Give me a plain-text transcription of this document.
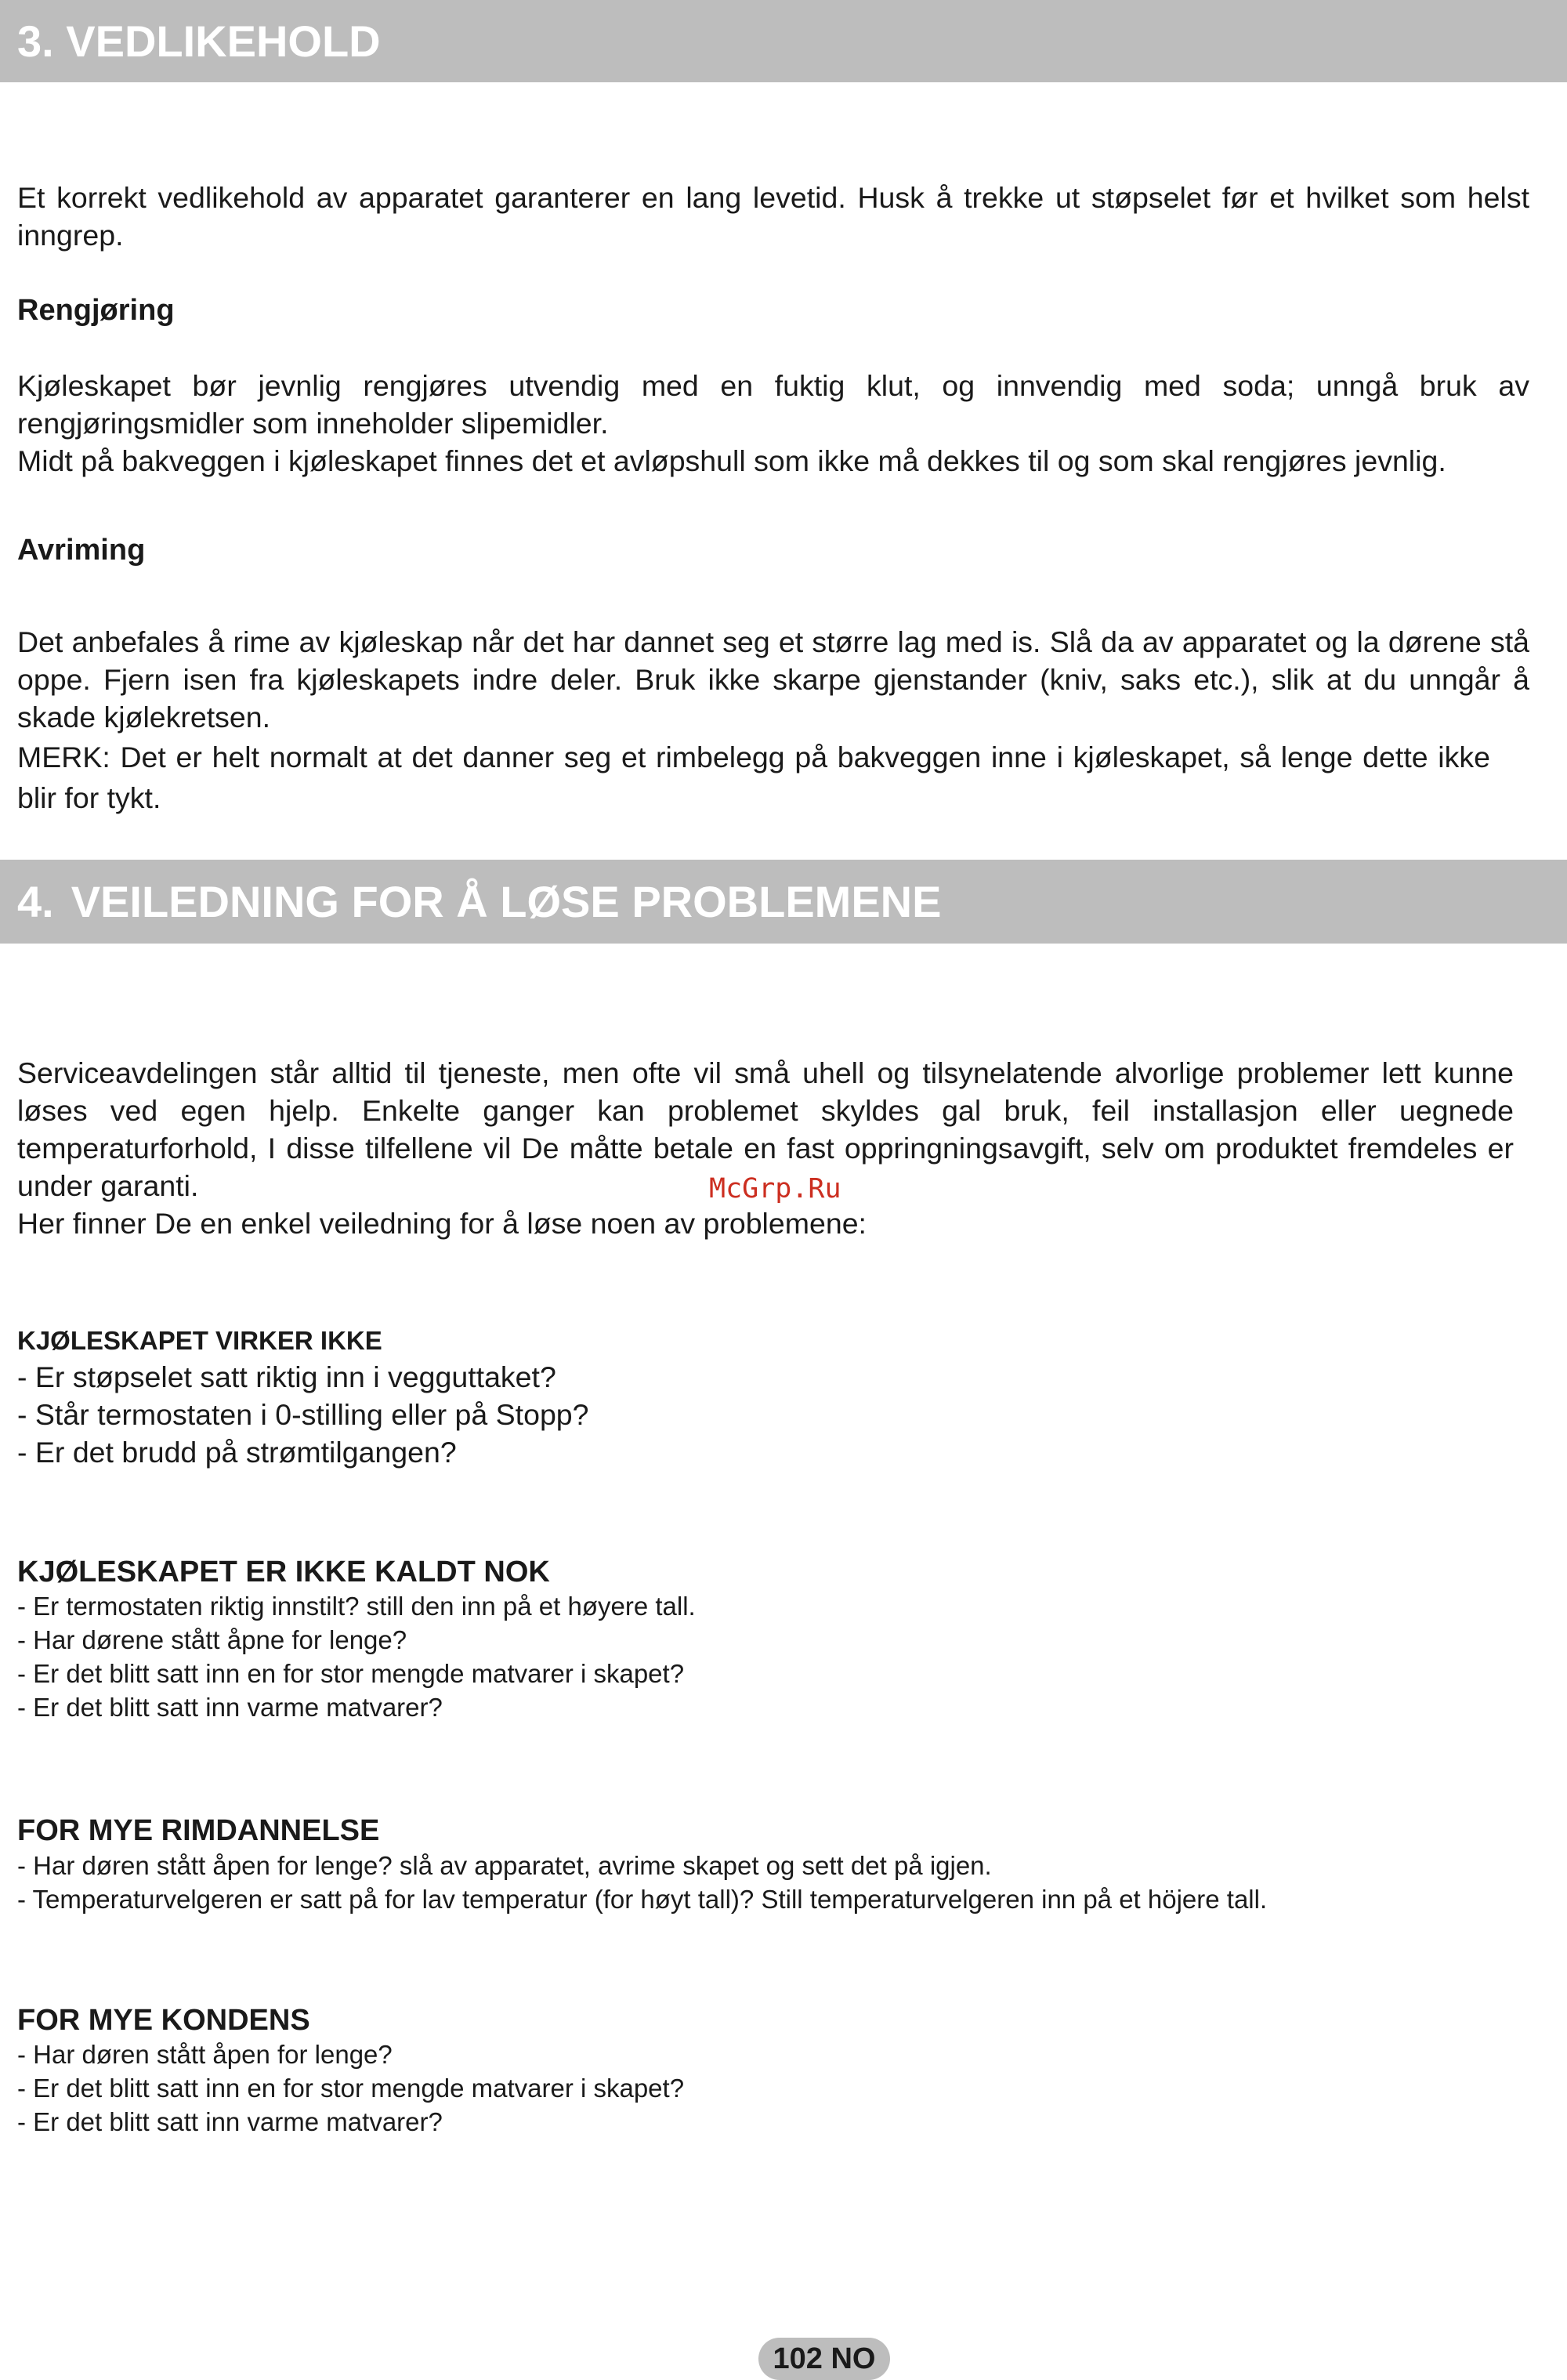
3. VEDLIKEHOLD

Et korrekt vedlikehold av apparatet garanterer en lang levetid. Husk å trekke ut støpselet før et hvilket som helst inngrep.

Rengjøring

Kjøleskapet bør jevnlig rengjøres utvendig med en fuktig klut, og innvendig med soda; unngå bruk av rengjøringsmidler som inneholder slipemidler.

Midt på bakveggen i kjøleskapet finnes det et avløpshull som ikke må dekkes til og som skal rengjøres jevnlig.

Avriming

Det anbefales å rime av kjøleskap når det har dannet seg et større lag med is. Slå da av apparatet og la dørene stå oppe. Fjern isen fra kjøleskapets indre deler. Bruk ikke skarpe gjenstander (kniv, saks etc.), slik at du unngår å skade kjølekretsen.

MERK: Det er helt normalt at det danner seg et rimbelegg på bakveggen inne i kjøleskapet, så lenge dette ikke blir for tykt.

4. VEILEDNING FOR Å LØSE PROBLEMENE

Serviceavdelingen står alltid til tjeneste, men ofte vil små uhell og tilsynelatende alvorlige problemer lett kunne løses ved egen hjelp. Enkelte ganger kan problemet skyldes gal bruk, feil installasjon eller uegnede temperaturforhold, I disse tilfellene vil De måtte betale en fast oppringningsavgift, selv om produktet fremdeles er under garanti.

Her finner De en enkel veiledning for å løse noen av problemene:

McGrp.Ru
KJØLESKAPET VIRKER IKKE
- Er støpselet satt riktig inn i vegguttaket?
- Står termostaten i 0-stilling eller på Stopp?
- Er det brudd på strømtilgangen?
KJØLESKAPET ER IKKE KALDT NOK
- Er termostaten riktig innstilt? still den inn på et høyere tall.
- Har dørene stått åpne for lenge?
- Er det blitt satt inn en for stor mengde matvarer i skapet?
- Er det blitt satt inn varme matvarer?
FOR MYE RIMDANNELSE
- Har døren stått åpen for lenge? slå av apparatet, avrime skapet og sett det på igjen.
- Temperaturvelgeren er satt på for lav temperatur (for høyt tall)? Still temperaturvelgeren inn på et höjere tall.
FOR MYE KONDENS
- Har døren stått åpen for lenge?
- Er det blitt satt inn en for stor mengde matvarer i skapet?
- Er det blitt satt inn varme matvarer?
102 NO
